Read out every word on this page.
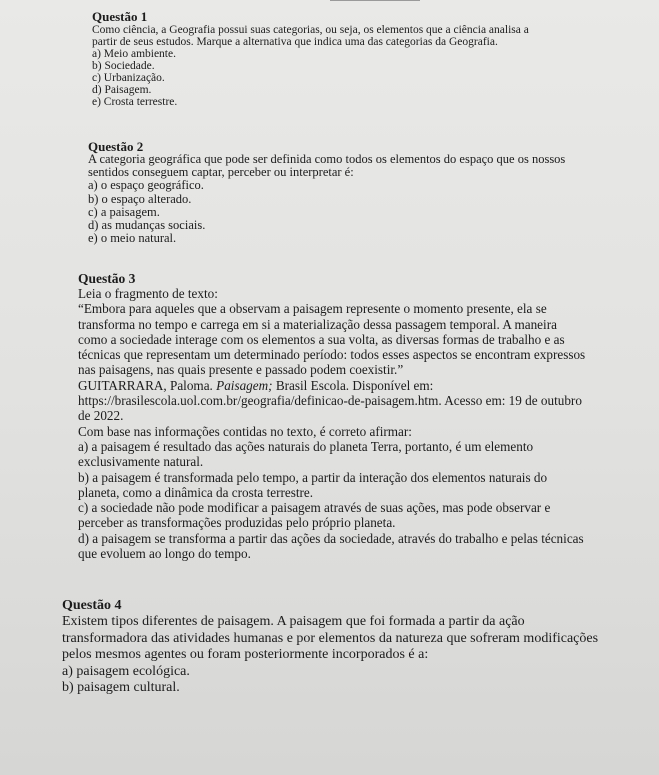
Questão 1

Como ciência, a Geografia possui suas categorias, ou seja, os elementos que a ciência analisa a

partir de seus estudos. Marque a alternativa que indica uma das categorias da Geografia.

a) Meio ambiente.

b) Sociedade.

c) Urbanização.

d) Paisagem.

e) Crosta terrestre.

Questão 2

A categoria geográfica que pode ser definida como todos os elementos do espaço que os nossos

sentidos conseguem captar, perceber ou interpretar é:

a) o espaço geográfico.

b) o espaço alterado.

c) a paisagem.

d) as mudanças sociais.

e) o meio natural.

Questão 3

Leia o fragmento de texto:

“Embora para aqueles que a observam a paisagem represente o momento presente, ela se

transforma no tempo e carrega em si a materialização dessa passagem temporal. A maneira

como a sociedade interage com os elementos a sua volta, as diversas formas de trabalho e as

técnicas que representam um determinado período: todos esses aspectos se encontram expressos

nas paisagens, nas quais presente e passado podem coexistir.”

GUITARRARA, Paloma. Paisagem; Brasil Escola. Disponível em:

https://brasilescola.uol.com.br/geografia/definicao-de-paisagem.htm. Acesso em: 19 de outubro

de 2022.

Com base nas informações contidas no texto, é correto afirmar:

a) a paisagem é resultado das ações naturais do planeta Terra, portanto, é um elemento

exclusivamente natural.

b) a paisagem é transformada pelo tempo, a partir da interação dos elementos naturais do

planeta, como a dinâmica da crosta terrestre.

c) a sociedade não pode modificar a paisagem através de suas ações, mas pode observar e

perceber as transformações produzidas pelo próprio planeta.

d) a paisagem se transforma a partir das ações da sociedade, através do trabalho e pelas técnicas

que evoluem ao longo do tempo.

Questão 4

Existem tipos diferentes de paisagem. A paisagem que foi formada a partir da ação

transformadora das atividades humanas e por elementos da natureza que sofreram modificações

pelos mesmos agentes ou foram posteriormente incorporados é a:

a) paisagem ecológica.

b) paisagem cultural.
